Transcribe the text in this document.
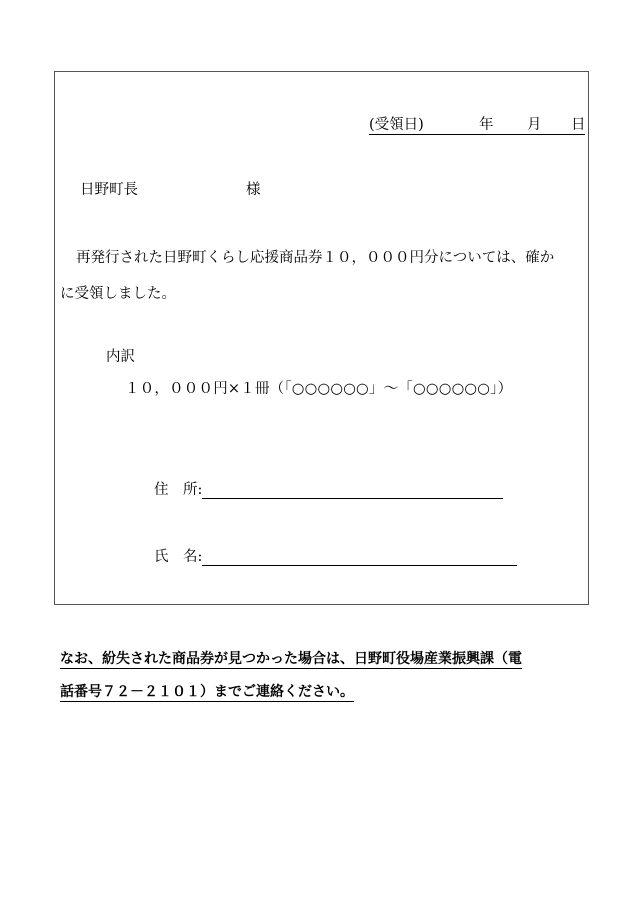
(受領日)	年 月 日
日野町長	様
再発行された日野町くらし応援商品券１０，０００円分については、確か
に受領しました。
内訳
１０，０００円×１冊（「○○○○○○」～「○○○○○○」）
住　所:
氏　名:
なお、紛失された商品券が見つかった場合は、日野町役場産業振興課（電
話番号７２－２１０１）までご連絡ください。
